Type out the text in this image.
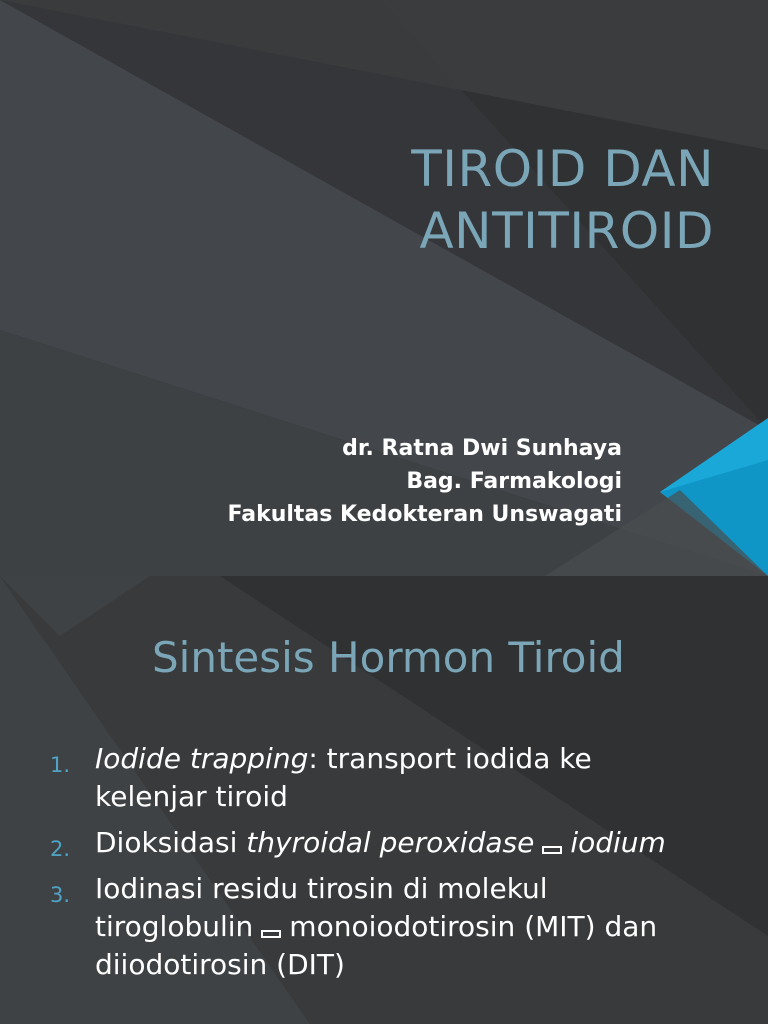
TIROID DAN
ANTITIROID
dr. Ratna Dwi Sunhaya
Bag. Farmakologi
Fakultas Kedokteran Unswagati
Sintesis Hormon Tiroid
1. Iodide trapping: transport iodida ke kelenjar tiroid
2. Dioksidasi thyroidal peroxidase iodium
3. Iodinasi residu tirosin di molekul tiroglobulin monoiodotirosin (MIT) dan diiodotirosin (DIT)
